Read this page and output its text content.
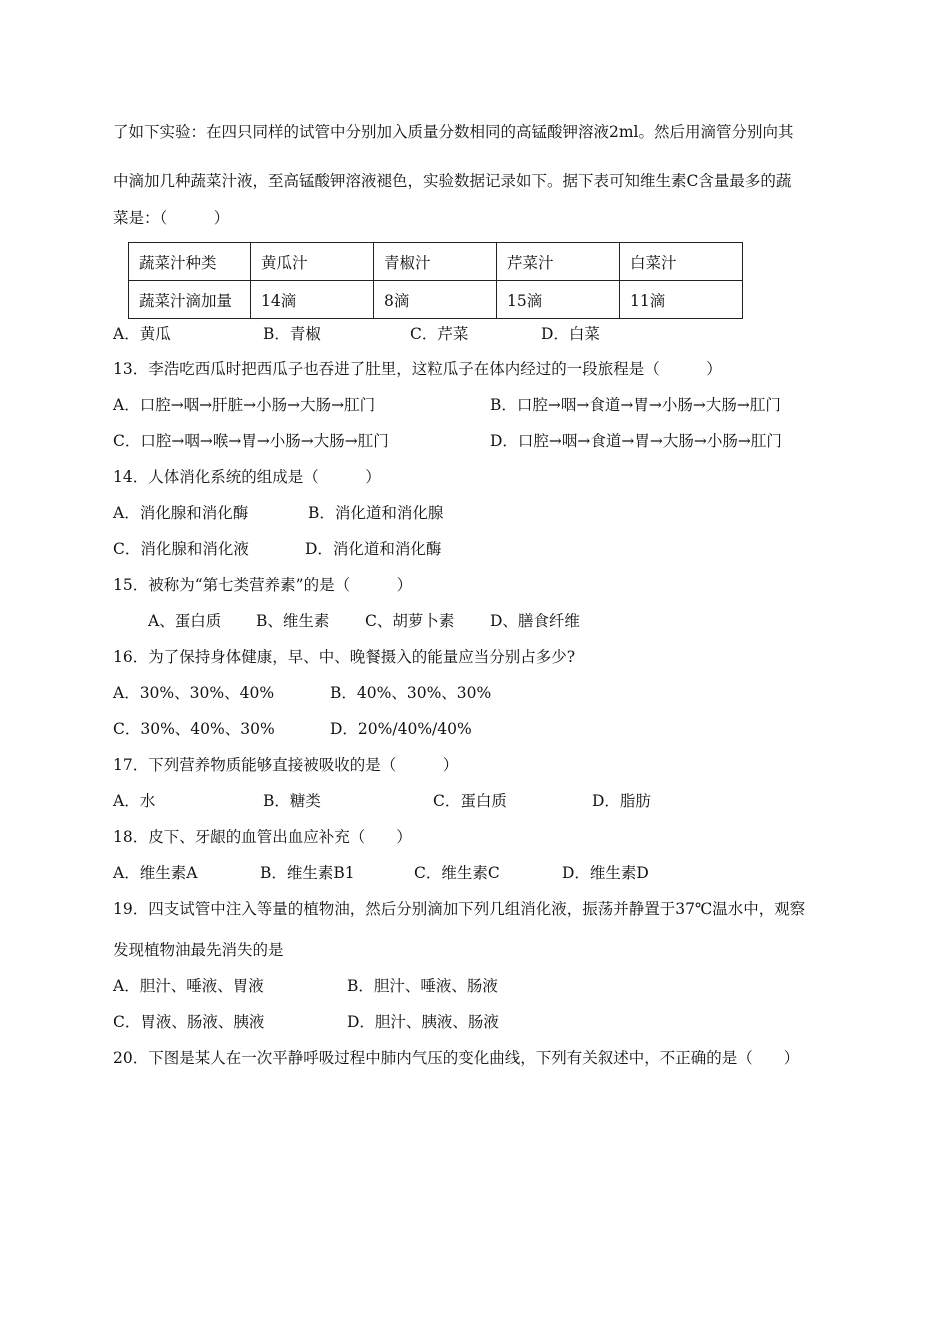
了如下实验：在四只同样的试管中分别加入质量分数相同的高锰酸钾溶液2ml。然后用滴管分别向其
中滴加几种蔬菜汁液，至高锰酸钾溶液褪色，实验数据记录如下。据下表可知维生素C含量最多的蔬
菜是：（　　　）
蔬菜汁种类	黄瓜汁	青椒汁	芹菜汁	白菜汁
蔬菜汁滴加量	14滴	8滴	15滴	11滴
A．黄瓜	B．青椒	C．芹菜	D．白菜
13．李浩吃西瓜时把西瓜子也吞进了肚里，这粒瓜子在体内经过的一段旅程是（　　　）
A．口腔→咽→肝脏→小肠→大肠→肛门	B．口腔→咽→食道→胃→小肠→大肠→肛门
C．口腔→咽→喉→胃→小肠→大肠→肛门	D．口腔→咽→食道→胃→大肠→小肠→肛门
14．人体消化系统的组成是（　　　）
A．消化腺和消化酶	B．消化道和消化腺
C．消化腺和消化液	D．消化道和消化酶
15．被称为“第七类营养素”的是（　　　）
A、蛋白质 B、维生素 C、胡萝卜素 D、膳食纤维
16．为了保持身体健康，早、中、晚餐摄入的能量应当分别占多少?
A．30%、30%、40%	B．40%、30%、30%
C．30%、40%、30%	D．20%/40%/40%
17．下列营养物质能够直接被吸收的是（　　　）
A．水	B．糖类	C．蛋白质	D．脂肪
18．皮下、牙龈的血管出血应补充（　　）
A．维生素A	B．维生素B1	C．维生素C	D．维生素D
19．四支试管中注入等量的植物油，然后分别滴加下列几组消化液，振荡并静置于37℃温水中，观察
发现植物油最先消失的是
A．胆汁、唾液、胃液	B．胆汁、唾液、肠液
C．胃液、肠液、胰液	D．胆汁、胰液、肠液
20．下图是某人在一次平静呼吸过程中肺内气压的变化曲线，下列有关叙述中，不正确的是（　　）
